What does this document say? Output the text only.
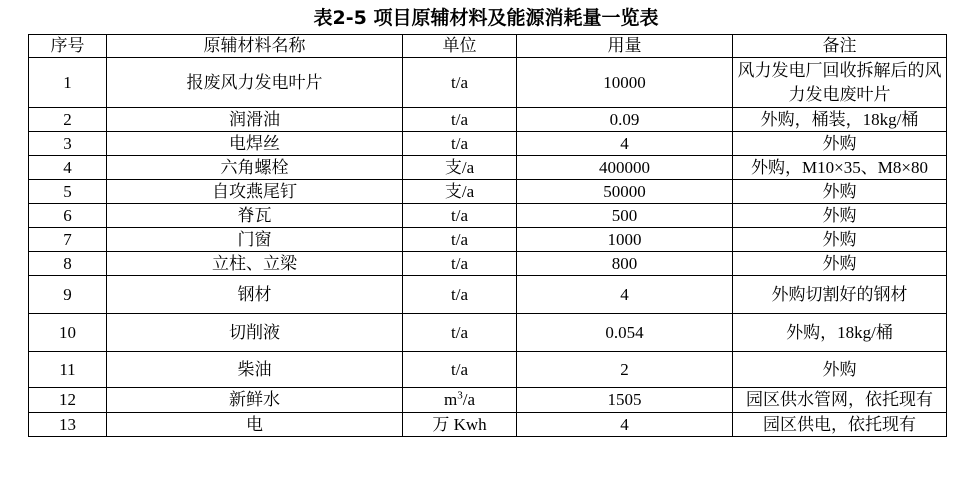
表2-5 项目原辅材料及能源消耗量一览表
序号	原辅材料名称	单位	用量	备注
1	报废风力发电叶片	t/a	10000	风力发电厂回收拆解后的风力发电废叶片
2	润滑油	t/a	0.09	外购，桶装，18kg/桶
3	电焊丝	t/a	4	外购
4	六角螺栓	支/a	400000	外购，M10×35、M8×80
5	自攻燕尾钉	支/a	50000	外购
6	脊瓦	t/a	500	外购
7	门窗	t/a	1000	外购
8	立柱、立梁	t/a	800	外购
9	钢材	t/a	4	外购切割好的钢材
10	切削液	t/a	0.054	外购，18kg/桶
11	柴油	t/a	2	外购
12	新鲜水	$m^3/a$	1505	园区供水管网，依托现有
13	电	万 Kwh	4	园区供电，依托现有
